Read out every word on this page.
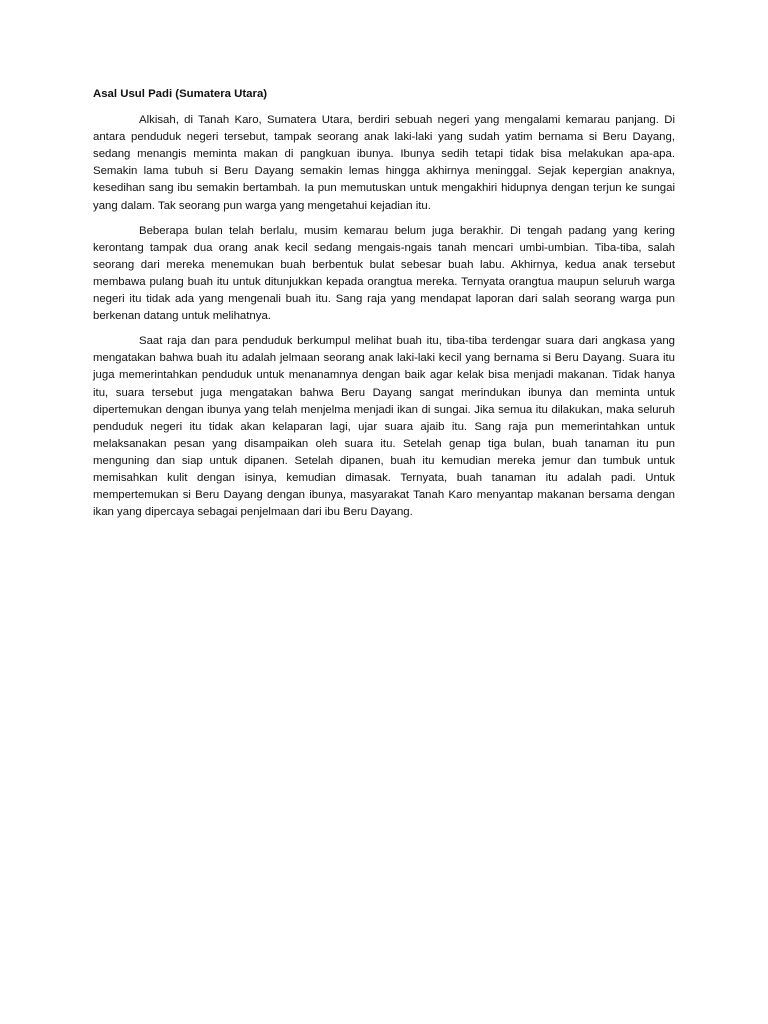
Asal Usul Padi (Sumatera Utara)

Alkisah, di Tanah Karo, Sumatera Utara, berdiri sebuah negeri yang mengalami kemarau panjang. Di antara penduduk negeri tersebut, tampak seorang anak laki-laki yang sudah yatim bernama si Beru Dayang, sedang menangis meminta makan di pangkuan ibunya. Ibunya sedih tetapi tidak bisa melakukan apa-apa. Semakin lama tubuh si Beru Dayang semakin lemas hingga akhirnya meninggal. Sejak kepergian anaknya, kesedihan sang ibu semakin bertambah. Ia pun memutuskan untuk mengakhiri hidupnya dengan terjun ke sungai yang dalam. Tak seorang pun warga yang mengetahui kejadian itu.

Beberapa bulan telah berlalu, musim kemarau belum juga berakhir. Di tengah padang yang kering kerontang tampak dua orang anak kecil sedang mengais-ngais tanah mencari umbi-umbian. Tiba-tiba, salah seorang dari mereka menemukan buah berbentuk bulat sebesar buah labu. Akhirnya, kedua anak tersebut membawa pulang buah itu untuk ditunjukkan kepada orangtua mereka. Ternyata orangtua maupun seluruh warga negeri itu tidak ada yang mengenali buah itu. Sang raja yang mendapat laporan dari salah seorang warga pun berkenan datang untuk melihatnya.

Saat raja dan para penduduk berkumpul melihat buah itu, tiba-tiba terdengar suara dari angkasa yang mengatakan bahwa buah itu adalah jelmaan seorang anak laki-laki kecil yang bernama si Beru Dayang. Suara itu juga memerintahkan penduduk untuk menanamnya dengan baik agar kelak bisa menjadi makanan. Tidak hanya itu, suara tersebut juga mengatakan bahwa Beru Dayang sangat merindukan ibunya dan meminta untuk dipertemukan dengan ibunya yang telah menjelma menjadi ikan di sungai. Jika semua itu dilakukan, maka seluruh penduduk negeri itu tidak akan kelaparan lagi, ujar suara ajaib itu. Sang raja pun memerintahkan untuk melaksanakan pesan yang disampaikan oleh suara itu. Setelah genap tiga bulan, buah tanaman itu pun menguning dan siap untuk dipanen. Setelah dipanen, buah itu kemudian mereka jemur dan tumbuk untuk memisahkan kulit dengan isinya, kemudian dimasak. Ternyata, buah tanaman itu adalah padi. Untuk mempertemukan si Beru Dayang dengan ibunya, masyarakat Tanah Karo menyantap makanan bersama dengan ikan yang dipercaya sebagai penjelmaan dari ibu Beru Dayang.
